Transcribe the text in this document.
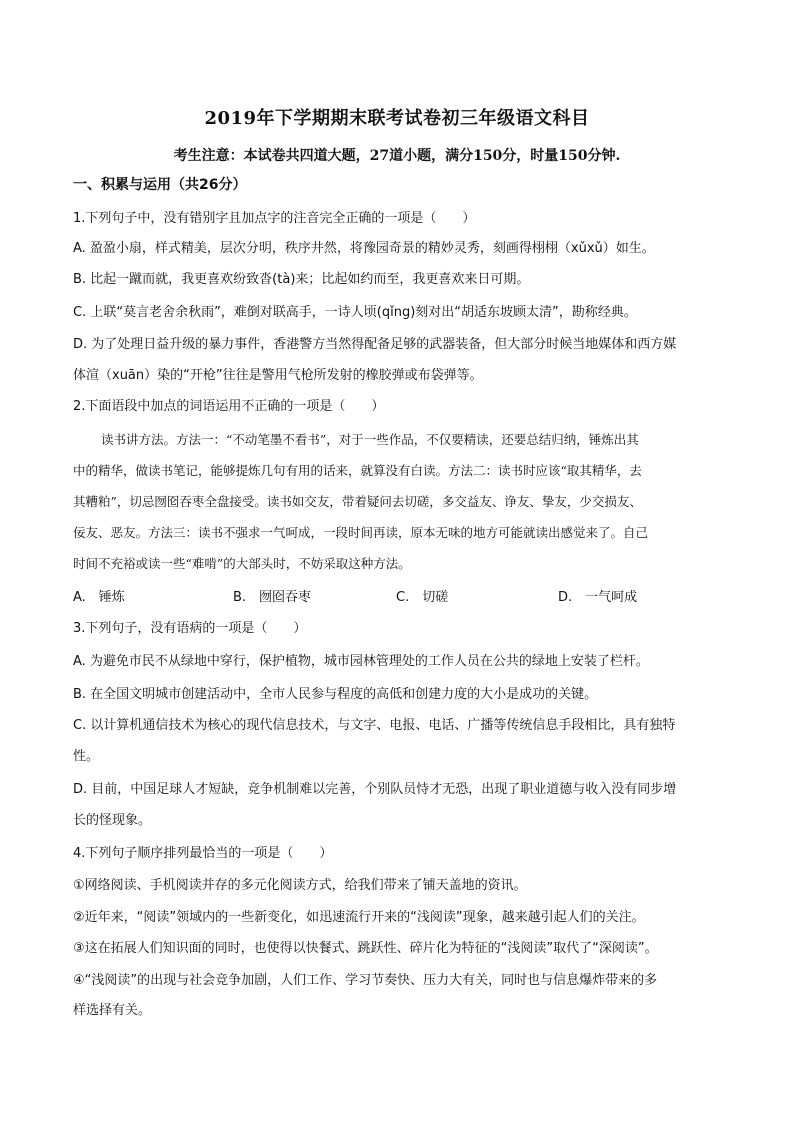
2019年下学期期末联考试卷初三年级语文科目
考生注意：本试卷共四道大题，27道小题，满分150分，时量150分钟.
一、积累与运用（共26分）
1.下列句子中，没有错别字且加点字的注音完全正确的一项是（　　）
A. 盈盈小扇，样式精美，层次分明，秩序井然，将豫园奇景的精妙灵秀，刻画得栩栩（xǔxǔ）如生。
B. 比起一蹴而就，我更喜欢纷致沓(tà)来；比起如约而至，我更喜欢来日可期。
C. 上联“莫言老舍余秋雨”，难倒对联高手，一诗人顷(qǐng)刻对出“胡适东坡顾太清”，勘称经典。
D. 为了处理日益升级的暴力事件，香港警方当然得配备足够的武器装备，但大部分时候当地媒体和西方媒
体渲（xuān）染的“开枪”往往是警用气枪所发射的橡胶弹或布袋弹等。
2.下面语段中加点的词语运用不正确的一项是（　　）
读书讲方法。方法一：“不动笔墨不看书”，对于一些作品，不仅要精读，还要总结归纳，锤炼出其
中的精华，做读书笔记，能够提炼几句有用的话来，就算没有白读。方法二：读书时应该“取其精华，去
其糟粕”，切忌囫囵吞枣全盘接受。读书如交友，带着疑问去切磋，多交益友、诤友、挚友，少交损友、
佞友、恶友。方法三：读书不强求一气呵成，一段时间再读，原本无味的地方可能就读出感觉来了。自己
时间不充裕或读一些“难啃”的大部头时，不妨采取这种方法。
A.　锤炼	B.　囫囵吞枣	C.　切磋	D.　一气呵成
3.下列句子，没有语病的一项是（　　）
A. 为避免市民不从绿地中穿行，保护植物，城市园林管理处的工作人员在公共的绿地上安装了栏杆。
B. 在全国文明城市创建活动中，全市人民参与程度的高低和创建力度的大小是成功的关键。
C. 以计算机通信技术为核心的现代信息技术，与文字、电报、电话、广播等传统信息手段相比，具有独特
性。
D. 目前，中国足球人才短缺，竞争机制难以完善，个别队员恃才无恐，出现了职业道德与收入没有同步增
长的怪现象。
4.下列句子顺序排列最恰当的一项是（　　）
①网络阅读、手机阅读并存的多元化阅读方式，给我们带来了铺天盖地的资讯。
②近年来，“阅读”领域内的一些新变化，如迅速流行开来的“浅阅读”现象，越来越引起人们的关注。
③这在拓展人们知识面的同时，也使得以快餐式、跳跃性、碎片化为特征的“浅阅读”取代了“深阅读”。
④“浅阅读”的出现与社会竞争加剧，人们工作、学习节奏快、压力大有关，同时也与信息爆炸带来的多
样选择有关。
